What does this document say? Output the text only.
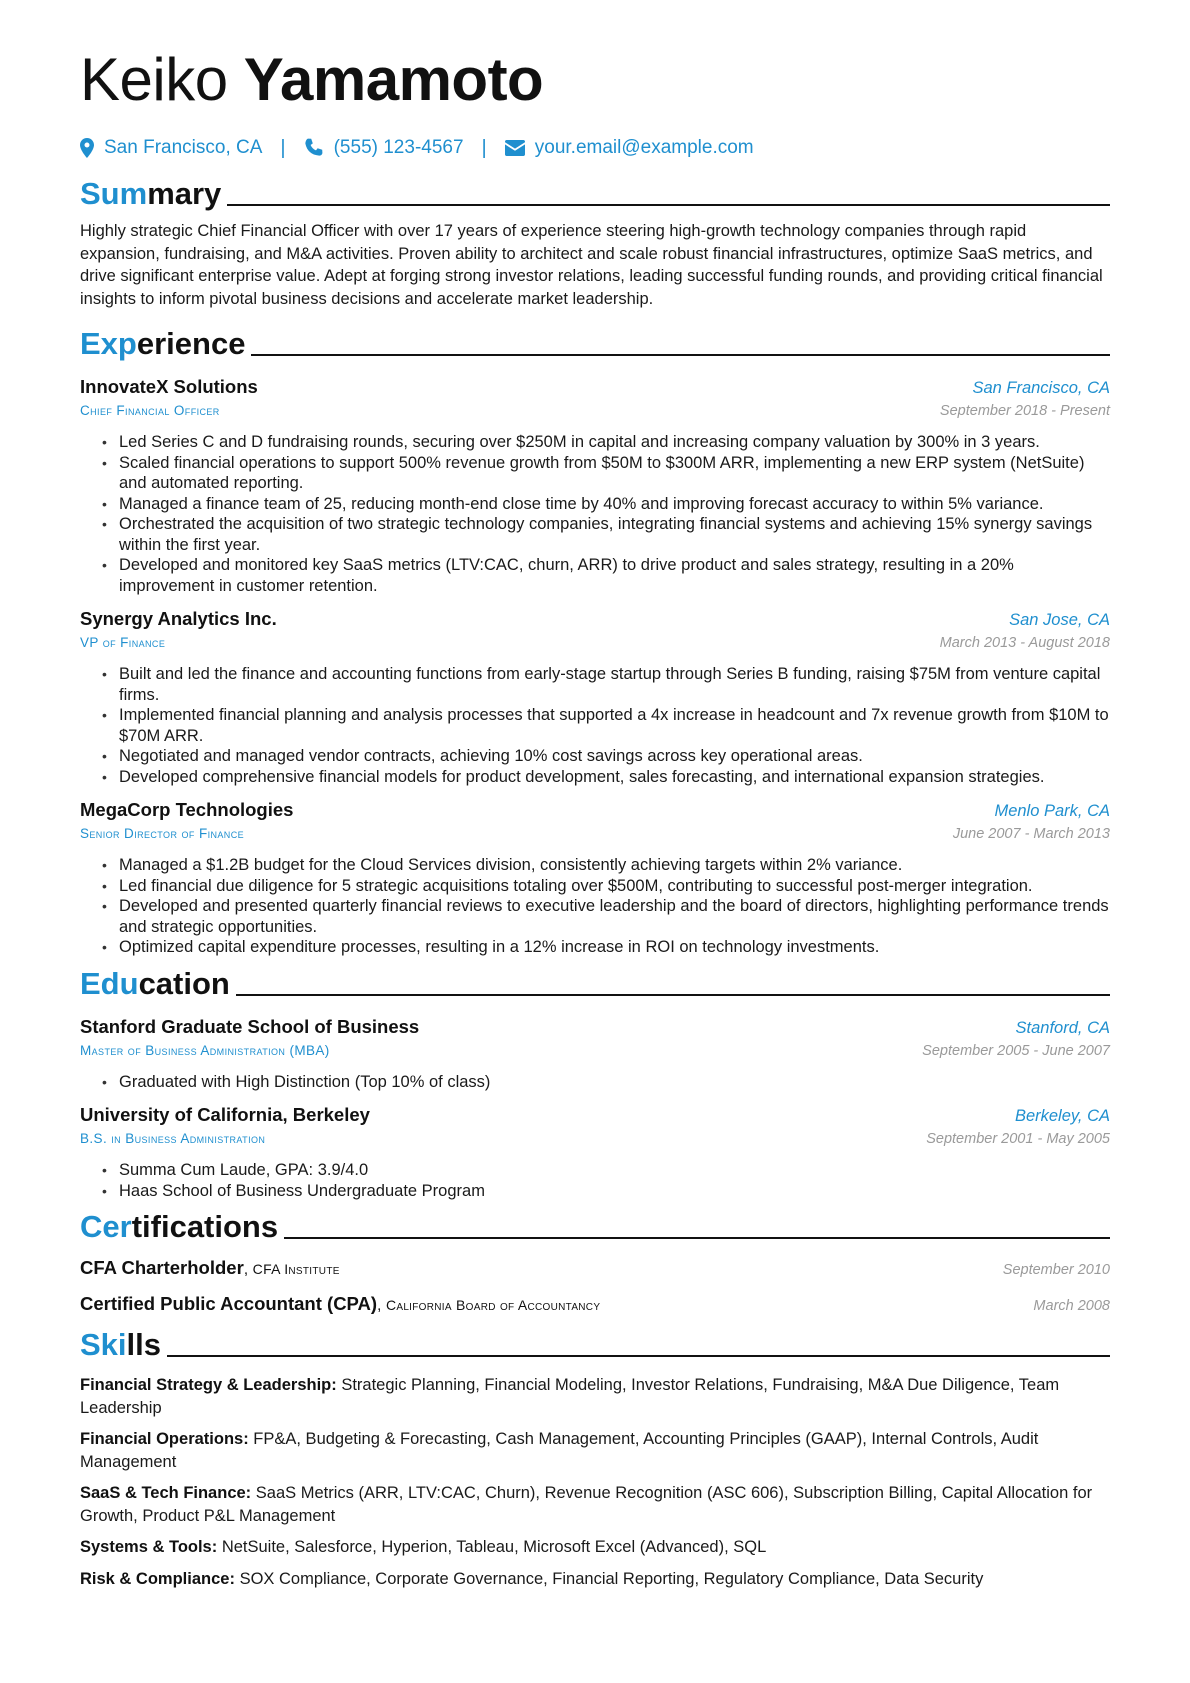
Keiko Yamamoto
San Francisco, CA |	(555) 123-4567 |	your.email@example.com
Summary

Highly strategic Chief Financial Officer with over 17 years of experience steering high-growth technology companies through rapid expansion, fundraising, and M&A activities. Proven ability to architect and scale robust financial infrastructures, optimize SaaS metrics, and drive significant enterprise value. Adept at forging strong investor relations, leading successful funding rounds, and providing critical financial insights to inform pivotal business decisions and accelerate market leadership.

Experience
InnovateX Solutions	San Francisco, CA
Chief Financial Officer	September 2018 - Present
• Led Series C and D fundraising rounds, securing over $250M in capital and increasing company valuation by 300% in 3 years.
• Scaled financial operations to support 500% revenue growth from $50M to $300M ARR, implementing a new ERP system (NetSuite) and automated reporting.
• Managed a finance team of 25, reducing month-end close time by 40% and improving forecast accuracy to within 5% variance.
• Orchestrated the acquisition of two strategic technology companies, integrating financial systems and achieving 15% synergy savings within the first year.
• Developed and monitored key SaaS metrics (LTV:CAC, churn, ARR) to drive product and sales strategy, resulting in a 20% improvement in customer retention.
Synergy Analytics Inc.	San Jose, CA
VP of Finance	March 2013 - August 2018
• Built and led the finance and accounting functions from early-stage startup through Series B funding, raising $75M from venture capital firms.
• Implemented financial planning and analysis processes that supported a 4x increase in headcount and 7x revenue growth from $10M to $70M ARR.
• Negotiated and managed vendor contracts, achieving 10% cost savings across key operational areas.
• Developed comprehensive financial models for product development, sales forecasting, and international expansion strategies.
MegaCorp Technologies	Menlo Park, CA
Senior Director of Finance	June 2007 - March 2013
• Managed a $1.2B budget for the Cloud Services division, consistently achieving targets within 2% variance.
• Led financial due diligence for 5 strategic acquisitions totaling over $500M, contributing to successful post-merger integration.
• Developed and presented quarterly financial reviews to executive leadership and the board of directors, highlighting performance trends and strategic opportunities.
• Optimized capital expenditure processes, resulting in a 12% increase in ROI on technology investments.
Education
Stanford Graduate School of Business	Stanford, CA
Master of Business Administration (MBA)	September 2005 - June 2007
• Graduated with High Distinction (Top 10% of class)
University of California, Berkeley	Berkeley, CA
B.S. in Business Administration	September 2001 - May 2005
• Summa Cum Laude, GPA: 3.9/4.0
• Haas School of Business Undergraduate Program
Certifications
CFA Charterholder, CFA Institute	September 2010
Certified Public Accountant (CPA), California Board of Accountancy	March 2008
Skills

Financial Strategy & Leadership: Strategic Planning, Financial Modeling, Investor Relations, Fundraising, M&A Due Diligence, Team Leadership

Financial Operations: FP&A, Budgeting & Forecasting, Cash Management, Accounting Principles (GAAP), Internal Controls, Audit Management

SaaS & Tech Finance: SaaS Metrics (ARR, LTV:CAC, Churn), Revenue Recognition (ASC 606), Subscription Billing, Capital Allocation for Growth, Product P&L Management

Systems & Tools: NetSuite, Salesforce, Hyperion, Tableau, Microsoft Excel (Advanced), SQL

Risk & Compliance: SOX Compliance, Corporate Governance, Financial Reporting, Regulatory Compliance, Data Security
